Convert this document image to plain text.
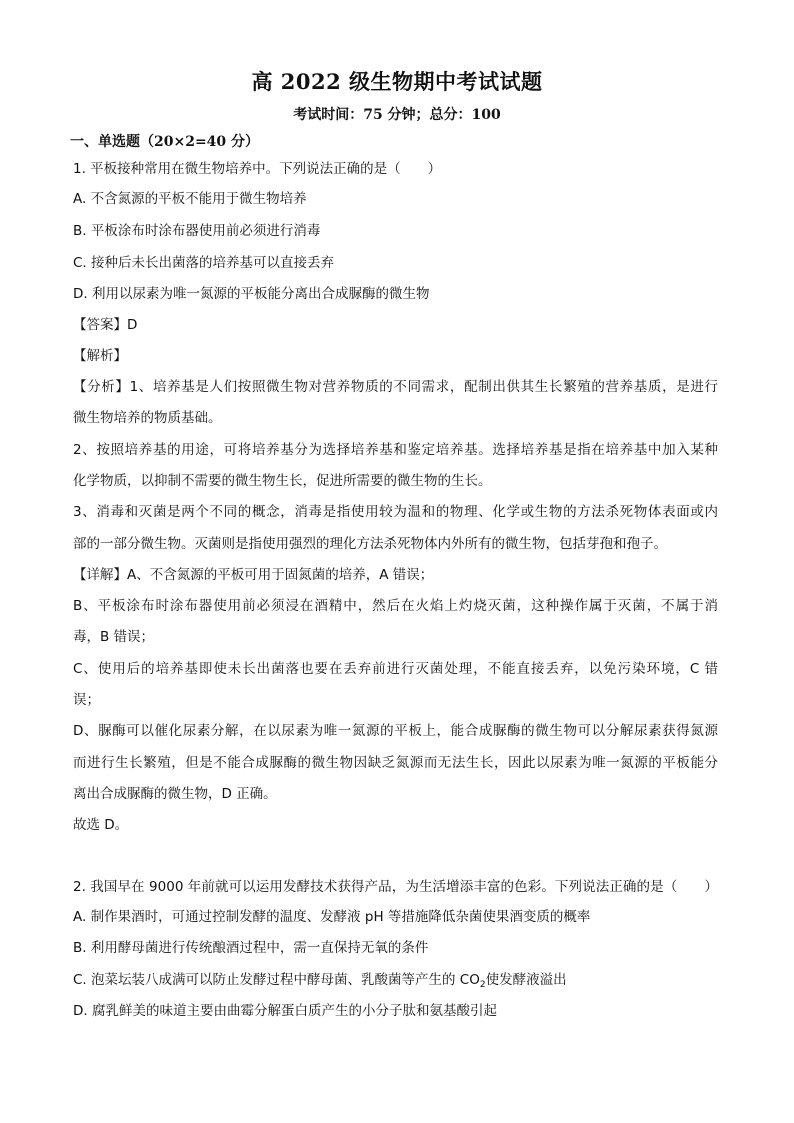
高 2022 级生物期中考试试题
考试时间：75 分钟；总分：100
一、单选题（20×2=40 分）
1. 平板接种常用在微生物培养中。下列说法正确的是（　　）
A. 不含氮源的平板不能用于微生物培养
B. 平板涂布时涂布器使用前必须进行消毒
C. 接种后未长出菌落的培养基可以直接丢弃
D. 利用以尿素为唯一氮源的平板能分离出合成脲酶的微生物
【答案】D
【解析】
【分析】1、培养基是人们按照微生物对营养物质的不同需求，配制出供其生长繁殖的营养基质，是进行
微生物培养的物质基础。
2、按照培养基的用途，可将培养基分为选择培养基和鉴定培养基。选择培养基是指在培养基中加入某种
化学物质，以抑制不需要的微生物生长，促进所需要的微生物的生长。
3、消毒和灭菌是两个不同的概念，消毒是指使用较为温和的物理、化学或生物的方法杀死物体表面或内
部的一部分微生物。灭菌则是指使用强烈的理化方法杀死物体内外所有的微生物，包括芽孢和孢子。
【详解】A、不含氮源的平板可用于固氮菌的培养，A 错误；
B、平板涂布时涂布器使用前必须浸在酒精中，然后在火焰上灼烧灭菌，这种操作属于灭菌，不属于消
毒，B 错误；
C、使用后的培养基即使未长出菌落也要在丢弃前进行灭菌处理，不能直接丢弃，以免污染环境，C 错
误；
D、脲酶可以催化尿素分解，在以尿素为唯一氮源的平板上，能合成脲酶的微生物可以分解尿素获得氮源
而进行生长繁殖，但是不能合成脲酶的微生物因缺乏氮源而无法生长，因此以尿素为唯一氮源的平板能分
离出合成脲酶的微生物，D 正确。
故选 D。
2. 我国早在 9000 年前就可以运用发酵技术获得产品，为生活增添丰富的色彩。下列说法正确的是（　　）
A. 制作果酒时，可通过控制发酵的温度、发酵液 pH 等措施降低杂菌使果酒变质的概率
B. 利用酵母菌进行传统酿酒过程中，需一直保持无氧的条件
C. 泡菜坛装八成满可以防止发酵过程中酵母菌、乳酸菌等产生的 $CO_2$使发酵液溢出
D. 腐乳鲜美的味道主要由曲霉分解蛋白质产生的小分子肽和氨基酸引起
